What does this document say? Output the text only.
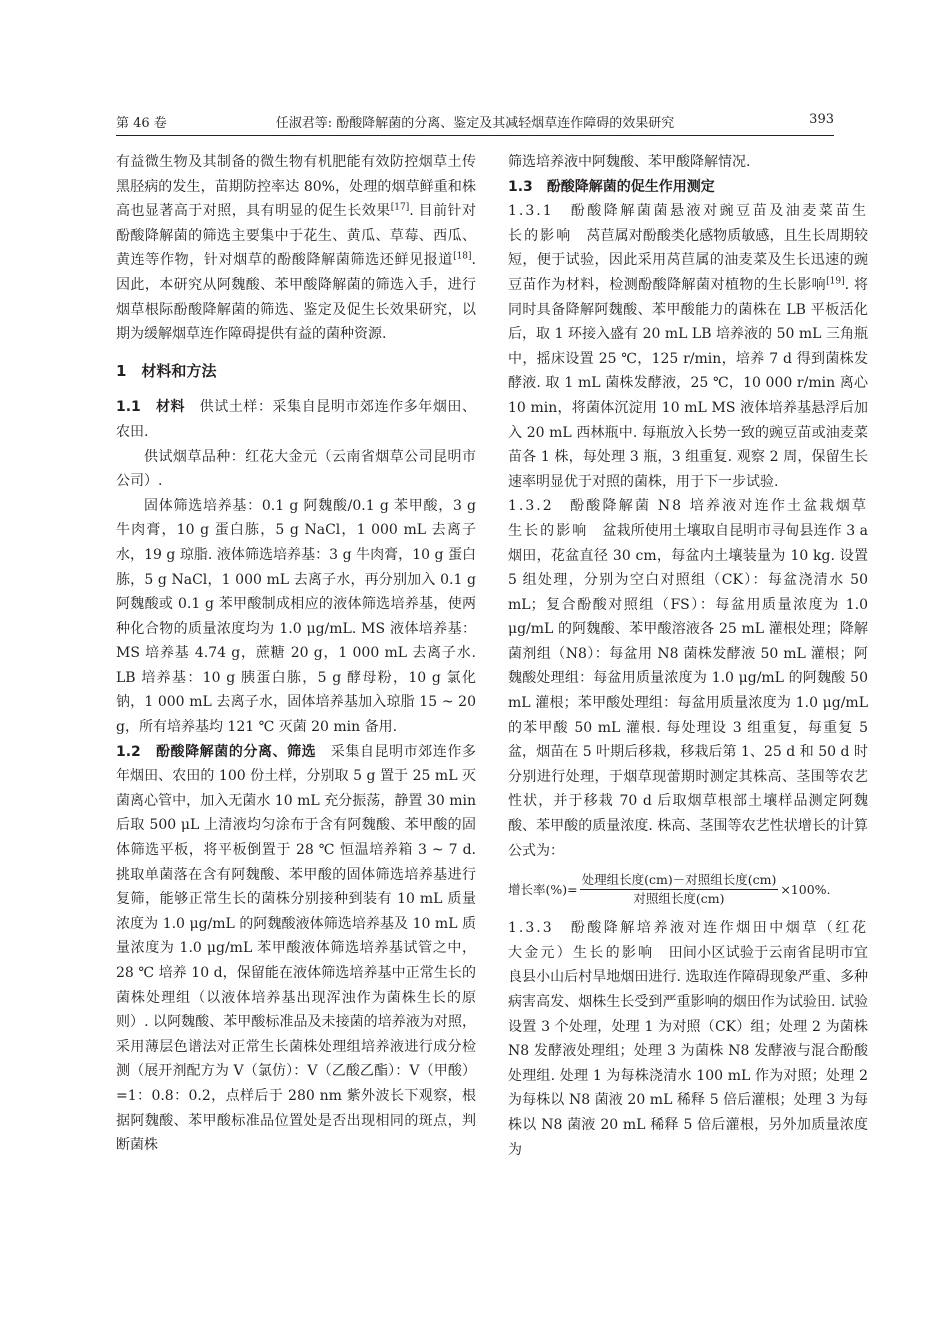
第 46 卷	任淑君等: 酚酸降解菌的分离、鉴定及其减轻烟草连作障碍的效果研究	393

有益微生物及其制备的微生物有机肥能有效防控烟草土传黑胫病的发生，苗期防控率达 80%，处理的烟草鲜重和株高也显著高于对照，具有明显的促生长效果[17]. 目前针对酚酸降解菌的筛选主要集中于花生、黄瓜、草莓、西瓜、黄连等作物，针对烟草的酚酸降解菌筛选还鲜见报道[18]. 因此，本研究从阿魏酸、苯甲酸降解菌的筛选入手，进行烟草根际酚酸降解菌的筛选、鉴定及促生长效果研究，以期为缓解烟草连作障碍提供有益的菌种资源.

1　材料和方法

1.1　材料　供试土样：采集自昆明市郊连作多年烟田、农田.

供试烟草品种：红花大金元（云南省烟草公司昆明市公司）.

固体筛选培养基：0.1 g 阿魏酸/0.1 g 苯甲酸，3 g 牛肉膏，10 g 蛋白胨，5 g NaCl，1 000 mL 去离子水，19 g 琼脂. 液体筛选培养基：3 g 牛肉膏，10 g 蛋白胨，5 g NaCl，1 000 mL 去离子水，再分别加入 0.1 g 阿魏酸或 0.1 g 苯甲酸制成相应的液体筛选培养基，使两种化合物的质量浓度均为 1.0 μg/mL. MS 液体培养基：MS 培养基 4.74 g，蔗糖 20 g，1 000 mL 去离子水. LB 培养基：10 g 胰蛋白胨，5 g 酵母粉，10 g 氯化钠，1 000 mL 去离子水，固体培养基加入琼脂 15 ~ 20 g，所有培养基均 121 ℃ 灭菌 20 min 备用.

1.2　酚酸降解菌的分离、筛选　采集自昆明市郊连作多年烟田、农田的 100 份土样，分别取 5 g 置于 25 mL 灭菌离心管中，加入无菌水 10 mL 充分振荡，静置 30 min 后取 500 μL 上清液均匀涂布于含有阿魏酸、苯甲酸的固体筛选平板，将平板倒置于 28 ℃ 恒温培养箱 3 ~ 7 d. 挑取单菌落在含有阿魏酸、苯甲酸的固体筛选培养基进行复筛，能够正常生长的菌株分别接种到装有 10 mL 质量浓度为 1.0 μg/mL 的阿魏酸液体筛选培养基及 10 mL 质量浓度为 1.0 μg/mL 苯甲酸液体筛选培养基试管之中，28 ℃ 培养 10 d，保留能在液体筛选培养基中正常生长的菌株处理组（以液体培养基出现浑浊作为菌株生长的原则）. 以阿魏酸、苯甲酸标准品及未接菌的培养液为对照，采用薄层色谱法对正常生长菌株处理组培养液进行成分检测（展开剂配方为 V（氯仿）：V（乙酸乙酯）：V（甲酸）=1：0.8：0.2，点样后于 280 nm 紫外波长下观察，根据阿魏酸、苯甲酸标准品位置处是否出现相同的斑点，判断菌株

筛选培养液中阿魏酸、苯甲酸降解情况.

1.3　酚酸降解菌的促生作用测定

1.3.1　酚酸降解菌菌悬液对豌豆苗及油麦菜苗生长的影响　莴苣属对酚酸类化感物质敏感，且生长周期较短，便于试验，因此采用莴苣属的油麦菜及生长迅速的豌豆苗作为材料，检测酚酸降解菌对植物的生长影响[19]. 将同时具备降解阿魏酸、苯甲酸能力的菌株在 LB 平板活化后，取 1 环接入盛有 20 mL LB 培养液的 50 mL 三角瓶中，摇床设置 25 ℃，125 r/min，培养 7 d 得到菌株发酵液. 取 1 mL 菌株发酵液，25 ℃，10 000 r/min 离心 10 min，将菌体沉淀用 10 mL MS 液体培养基悬浮后加入 20 mL 西林瓶中. 每瓶放入长势一致的豌豆苗或油麦菜苗各 1 株，每处理 3 瓶，3 组重复. 观察 2 周，保留生长速率明显优于对照的菌株，用于下一步试验.

1.3.2　酚酸降解菌 N8 培养液对连作土盆栽烟草生长的影响　盆栽所使用土壤取自昆明市寻甸县连作 3 a 烟田，花盆直径 30 cm，每盆内土壤装量为 10 kg. 设置 5 组处理，分别为空白对照组（CK）：每盆浇清水 50 mL；复合酚酸对照组（FS）：每盆用质量浓度为 1.0 μg/mL 的阿魏酸、苯甲酸溶液各 25 mL 灌根处理；降解菌剂组（N8）：每盆用 N8 菌株发酵液 50 mL 灌根；阿魏酸处理组：每盆用质量浓度为 1.0 μg/mL 的阿魏酸 50 mL 灌根；苯甲酸处理组：每盆用质量浓度为 1.0 μg/mL 的苯甲酸 50 mL 灌根. 每处理设 3 组重复，每重复 5 盆，烟苗在 5 叶期后移栽，移栽后第 1、25 d 和 50 d 时分别进行处理，于烟草现蕾期时测定其株高、茎围等农艺性状，并于移栽 70 d 后取烟草根部土壤样品测定阿魏酸、苯甲酸的质量浓度. 株高、茎围等农艺性状增长的计算公式为：

增长率(%)= $\frac{\text{处理组长度(cm)－对照组长度(cm)}}{\text{对照组长度(cm)}} \times 100\%$.

1.3.3　酚酸降解培养液对连作烟田中烟草（红花大金元）生长的影响　田间小区试验于云南省昆明市宜良县小山后村旱地烟田进行. 选取连作障碍现象严重、多种病害高发、烟株生长受到严重影响的烟田作为试验田. 试验设置 3 个处理，处理 1 为对照（CK）组；处理 2 为菌株 N8 发酵液处理组；处理 3 为菌株 N8 发酵液与混合酚酸处理组. 处理 1 为每株浇清水 100 mL 作为对照；处理 2 为每株以 N8 菌液 20 mL 稀释 5 倍后灌根；处理 3 为每株以 N8 菌液 20 mL 稀释 5 倍后灌根，另外加质量浓度为
